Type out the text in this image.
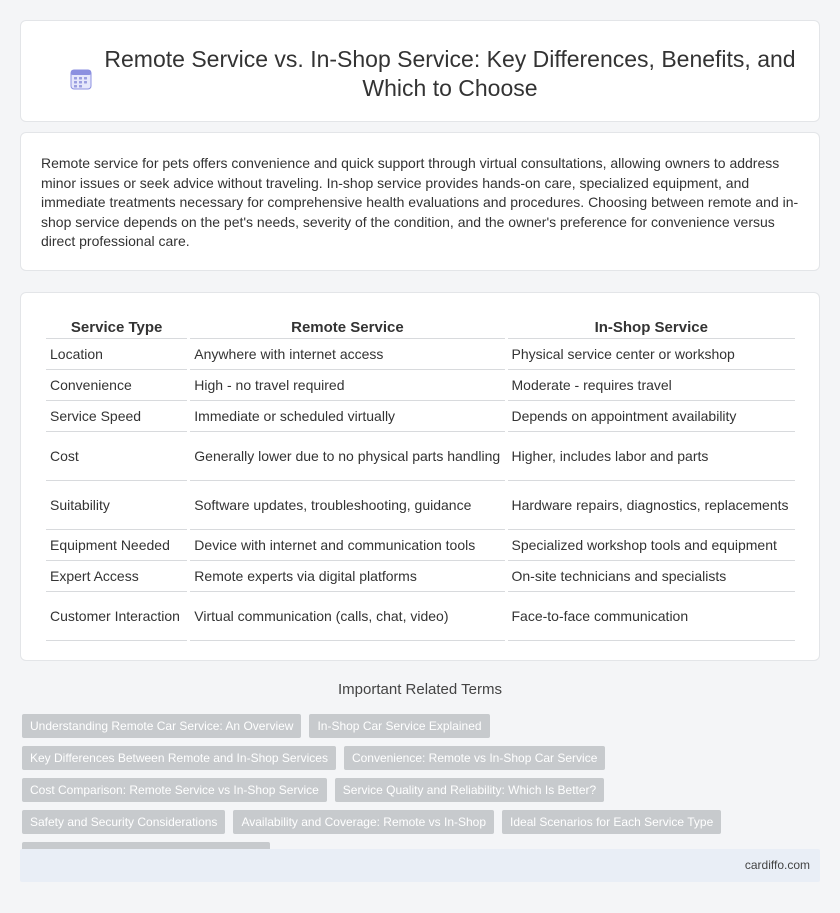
Remote Service vs. In-Shop Service: Key Differences, Benefits, and Which to Choose

Remote service for pets offers convenience and quick support through virtual consultations, allowing owners to address minor issues or seek advice without traveling. In-shop service provides hands-on care, specialized equipment, and immediate treatments necessary for comprehensive health evaluations and procedures. Choosing between remote and in-shop service depends on the pet's needs, severity of the condition, and the owner's preference for convenience versus direct professional care.

Service Type	Remote Service	In-Shop Service
Location	Anywhere with internet access	Physical service center or workshop
Convenience	High - no travel required	Moderate - requires travel
Service Speed	Immediate or scheduled virtually	Depends on appointment availability
Cost	Generally lower due to no physical parts handling	Higher, includes labor and parts
Suitability	Software updates, troubleshooting, guidance	Hardware repairs, diagnostics, replacements
Equipment Needed	Device with internet and communication tools	Specialized workshop tools and equipment
Expert Access	Remote experts via digital platforms	On-site technicians and specialists
Customer Interaction	Virtual communication (calls, chat, video)	Face-to-face communication
Important Related Terms
Understanding Remote Car Service: An Overview	In-Shop Car Service Explained
Key Differences Between Remote and In-Shop Services	Convenience: Remote vs In-Shop Car Service
Cost Comparison: Remote Service vs In-Shop Service	Service Quality and Reliability: Which Is Better?
Safety and Security Considerations	Availability and Coverage: Remote vs In-Shop	Ideal Scenarios for Each Service Type
cardiffo.com
